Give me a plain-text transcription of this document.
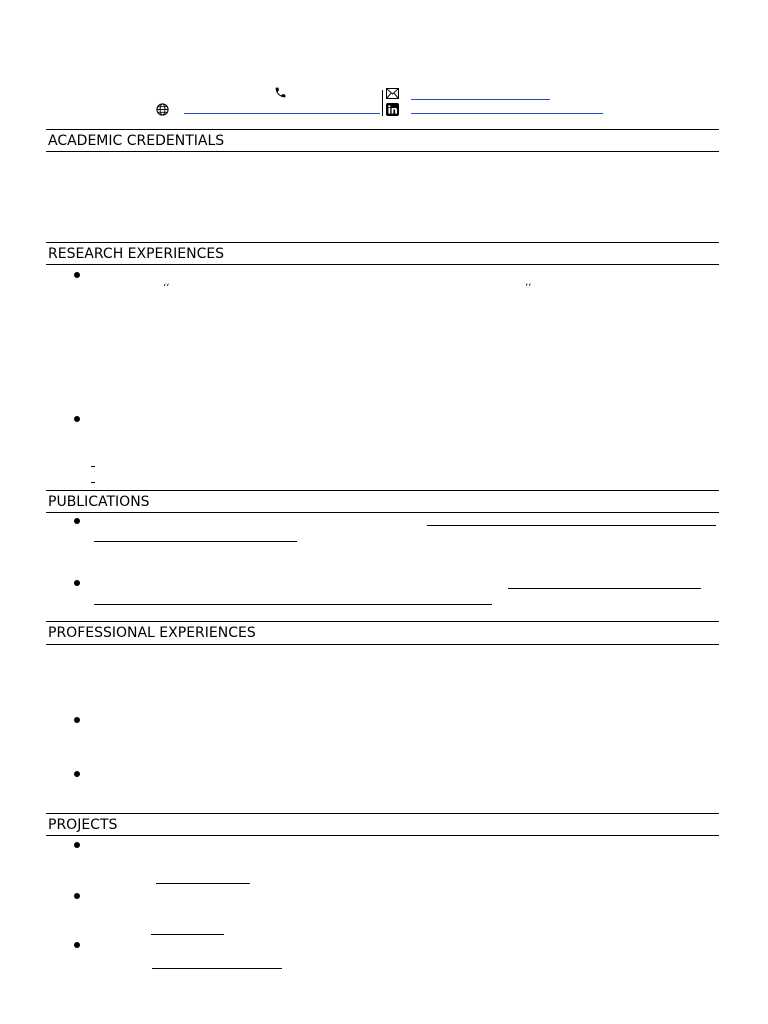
ACADEMIC CREDENTIALS
RESEARCH EXPERIENCES
‘‘	’’
PUBLICATIONS
PROFESSIONAL EXPERIENCES
PROJECTS
